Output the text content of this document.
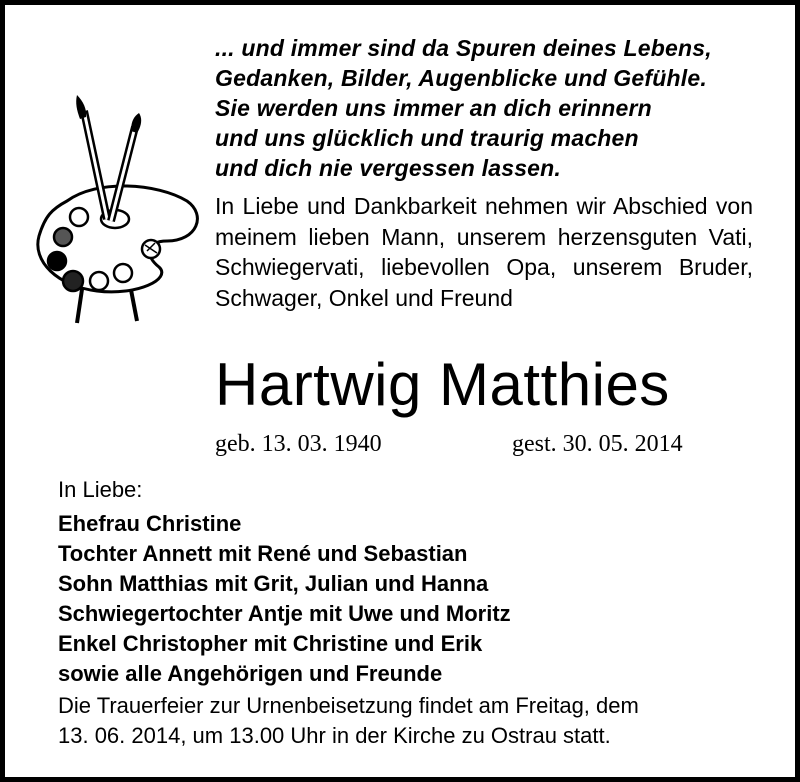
... und immer sind da Spuren deines Lebens,
Gedanken, Bilder, Augenblicke und Gefühle.
Sie werden uns immer an dich erinnern
und uns glücklich und traurig machen
und dich nie vergessen lassen.
In Liebe und Dankbarkeit nehmen wir Abschied von meinem lieben Mann, unserem herzensguten Vati, Schwiegervati, liebevollen Opa, unserem Bruder, Schwager, Onkel und Freund
Hartwig Matthies
geb. 13. 03. 1940	gest. 30. 05. 2014
In Liebe:
Ehefrau Christine
Tochter Annett mit René und Sebastian
Sohn Matthias mit Grit, Julian und Hanna
Schwiegertochter Antje mit Uwe und Moritz
Enkel Christopher mit Christine und Erik
sowie alle Angehörigen und Freunde
Die Trauerfeier zur Urnenbeisetzung findet am Freitag, dem
13. 06. 2014, um 13.00 Uhr in der Kirche zu Ostrau statt.
